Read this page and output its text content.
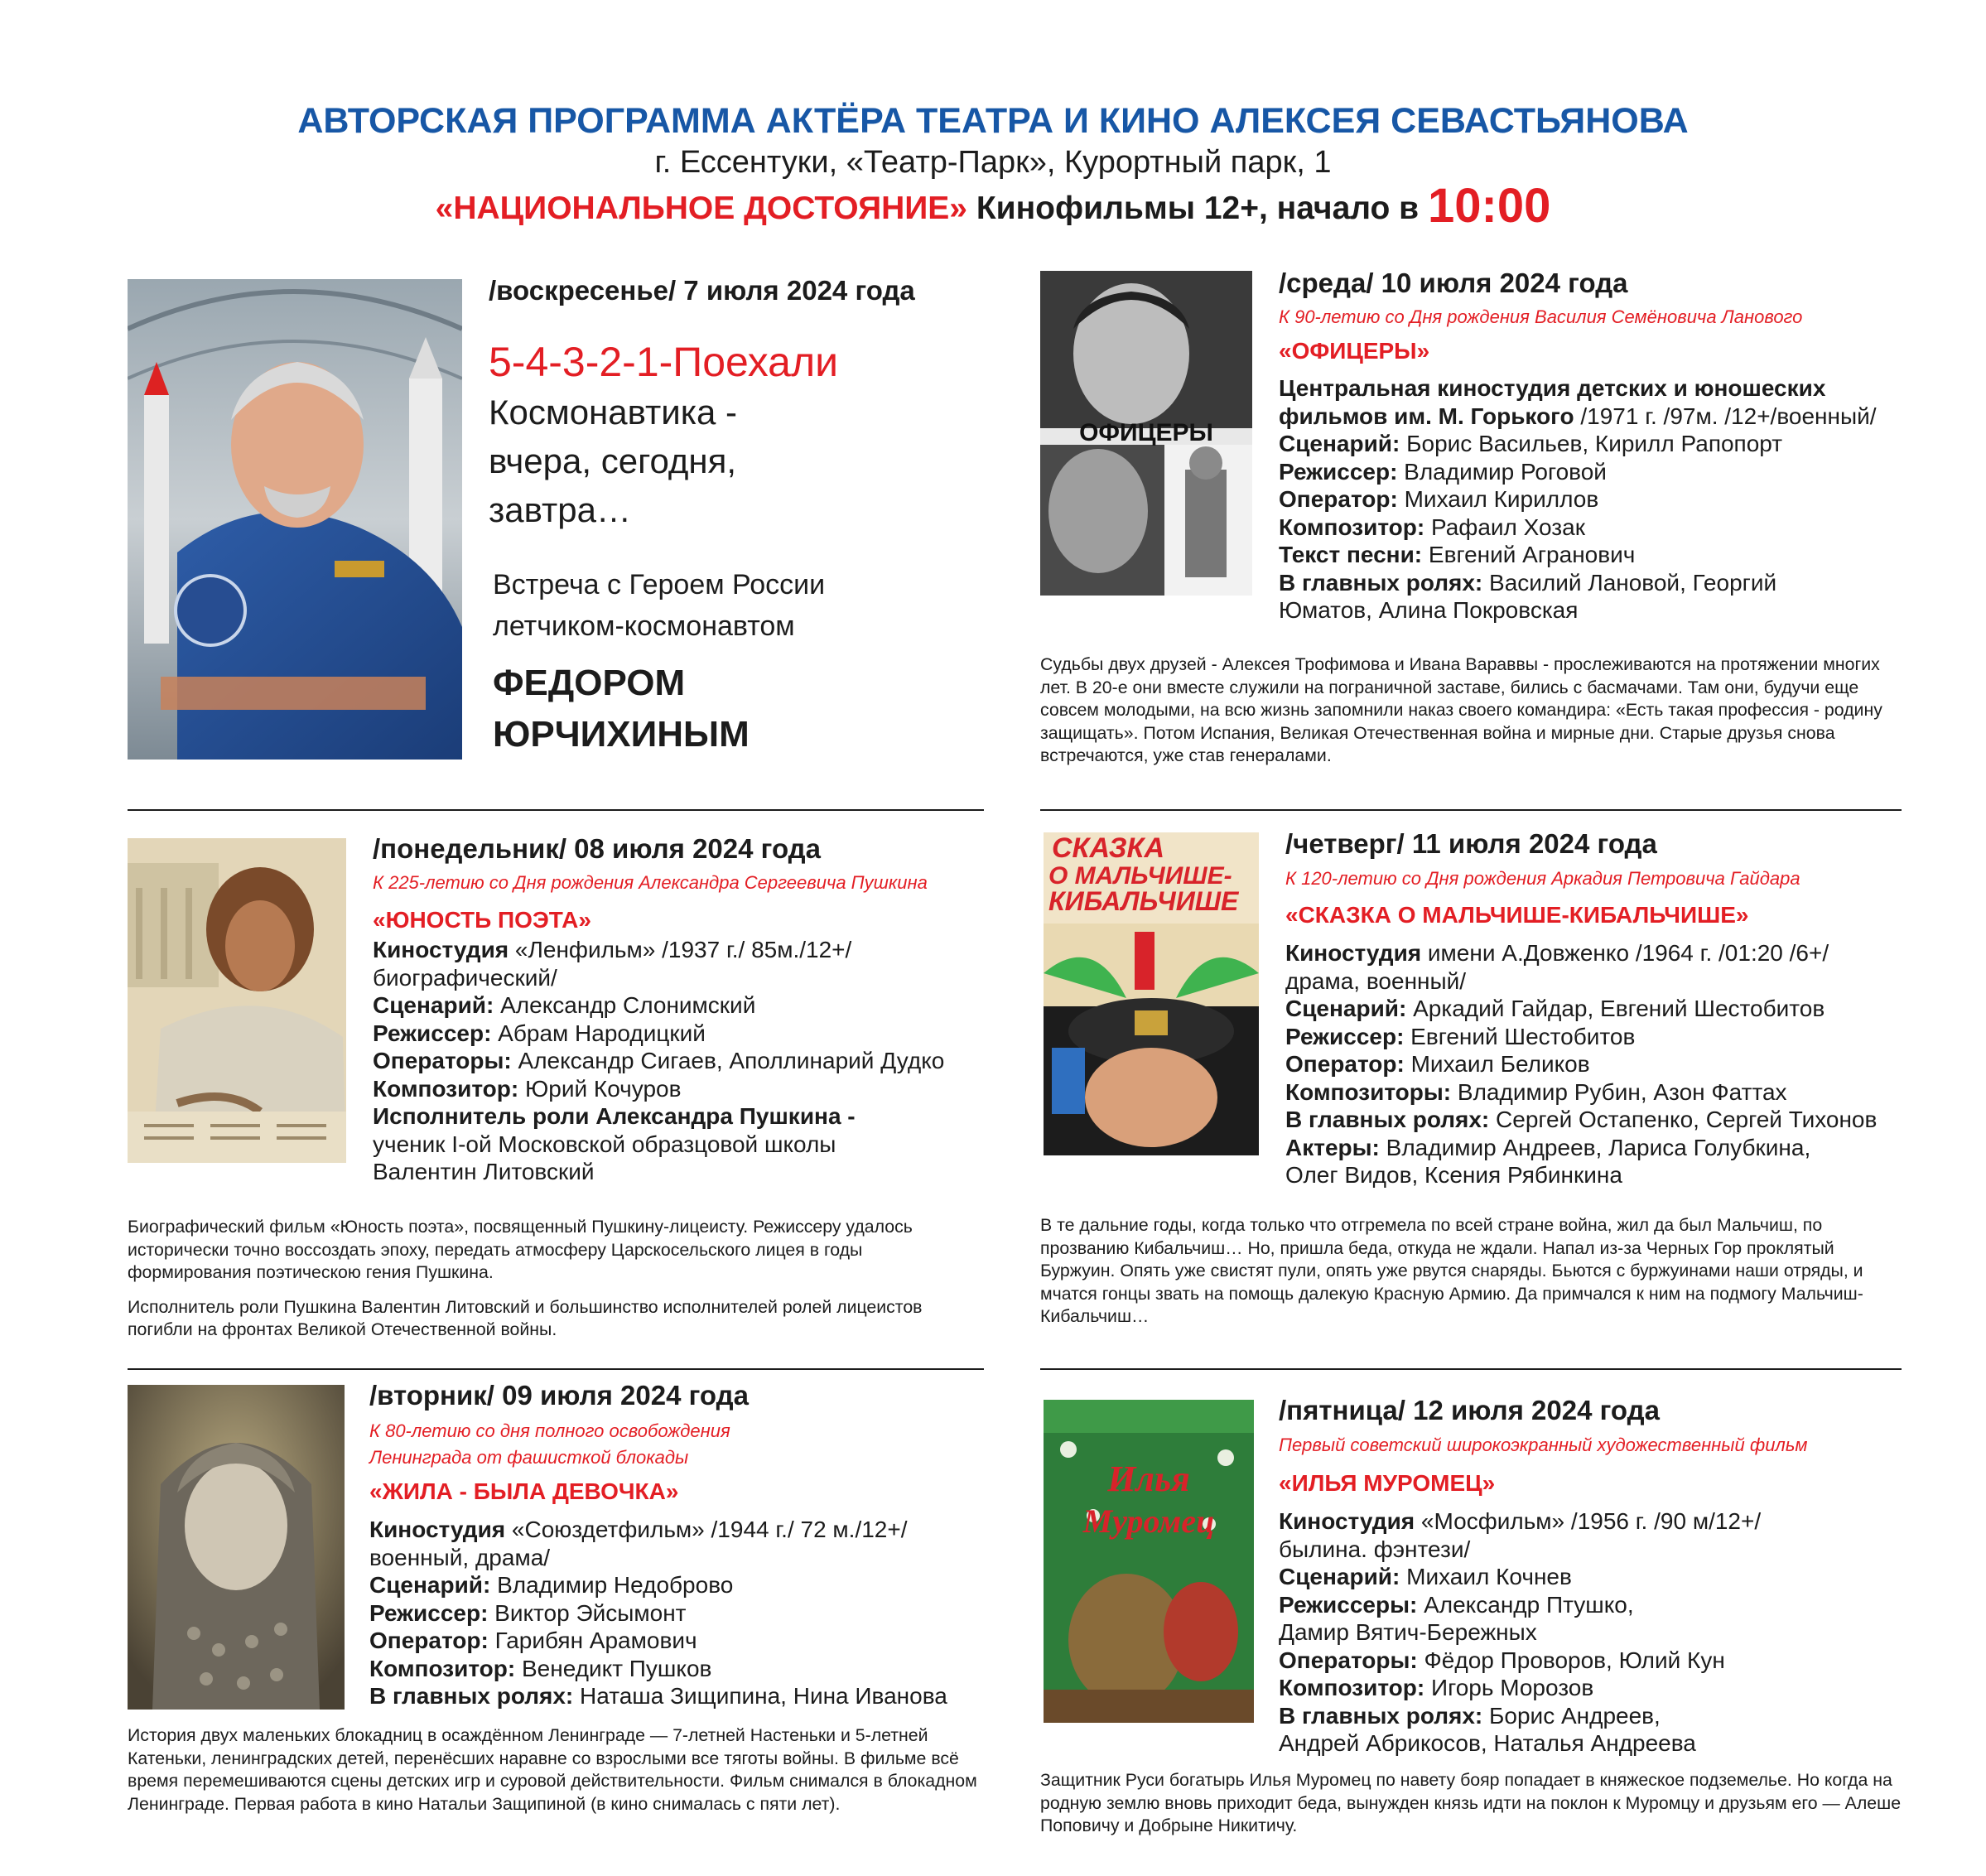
АВТОРСКАЯ ПРОГРАММА АКТЁРА ТЕАТРА И КИНО АЛЕКСЕЯ СЕВАСТЬЯНОВА
г. Ессентуки, «Театр-Парк», Курортный парк, 1
«НАЦИОНАЛЬНОЕ ДОСТОЯНИЕ» Кинофильмы 12+, начало в 10:00
/воскресенье/ 7 июля 2024 года
5-4-3-2-1-Поехали
Космонавтика -
вчера, сегодня,
завтра…
Встреча с Героем России
летчиком-космонавтом
ФЕДОРОМ
ЮРЧИХИНЫМ
ОФИЦЕРЫ
/среда/ 10 июля 2024 года
К 90-летию со Дня рождения Василия Семёновича Ланового
«ОФИЦЕРЫ»
Центральная киностудия детских и юношеских фильмов им. М. Горького /1971 г. /97м. /12+/военный/
Сценарий: Борис Васильев, Кирилл Рапопорт
Режиссер: Владимир Роговой
Оператор: Михаил Кириллов
Композитор: Рафаил Хозак
Текст песни: Евгений Агранович
В главных ролях: Василий Лановой, Георгий Юматов, Алина Покровская

Судьбы двух друзей - Алексея Трофимова и Ивана Вараввы - прослеживаются на протяжении многих лет. В 20-е они вместе служили на пограничной заставе, бились с басмачами. Там они, будучи еще совсем молодыми, на всю жизнь запомнили наказ своего командира: «Есть такая профессия - родину защищать». Потом Испания, Великая Отечественная война и мирные дни. Старые друзья снова встречаются, уже став генералами.

/понедельник/ 08 июля 2024 года
К 225-летию со Дня рождения Александра Сергеевича Пушкина
«ЮНОСТЬ ПОЭТА»
Киностудия «Ленфильм» /1937 г./ 85м./12+/ биографический/
Сценарий: Александр Слонимский
Режиссер: Абрам Народицкий
Операторы: Александр Сигаев, Аполлинарий Дудко
Композитор: Юрий Кочуров
Исполнитель роли Александра Пушкина -
ученик I-ой Московской образцовой школы Валентин Литовский

Биографический фильм «Юность поэта», посвященный Пушкину-лицеисту. Режиссеру удалось исторически точно воссоздать эпоху, передать атмосферу Царскосельского лицея в годы формирования поэтическою гения Пушкина.

Исполнитель роли Пушкина Валентин Литовский и большинство исполнителей ролей лицеистов погибли на фронтах Великой Отечественной войны.

СКАЗКА
О МАЛЬЧИШЕ-
КИБАЛЬЧИШЕ
/четверг/ 11 июля 2024 года
К 120-летию со Дня рождения Аркадия Петровича Гайдара
«СКАЗКА О МАЛЬЧИШЕ-КИБАЛЬЧИШЕ»
Киностудия имени А.Довженко /1964 г. /01:20 /6+/ драма, военный/
Сценарий: Аркадий Гайдар, Евгений Шестобитов
Режиссер: Евгений Шестобитов
Оператор: Михаил Беликов
Композиторы: Владимир Рубин, Азон Фаттах
В главных ролях: Сергей Остапенко, Сергей Тихонов
Актеры: Владимир Андреев, Лариса Голубкина, Олег Видов, Ксения Рябинкина

В те дальние годы, когда только что отгремела по всей стране война, жил да был Мальчиш, по прозванию Кибальчиш… Но, пришла беда, откуда не ждали. Напал из-за Черных Гор проклятый Буржуин. Опять уже свистят пули, опять уже рвутся снаряды. Бьются с буржуинами наши отряды, и мчатся гонцы звать на помощь далекую Красную Армию. Да примчался к ним на подмогу Мальчиш-Кибальчиш…

/вторник/ 09 июля 2024 года
К 80-летию со дня полного освобождения
Ленинграда от фашисткой блокады
«ЖИЛА - БЫЛА ДЕВОЧКА»
Киностудия «Союздетфильм» /1944 г./ 72 м./12+/ военный, драма/
Сценарий: Владимир Недоброво
Режиссер: Виктор Эйсымонт
Оператор: Гарибян Арамович
Композитор: Венедикт Пушков
В главных ролях: Наташа Зищипина, Нина Иванова

История двух маленьких блокадниц в осаждённом Ленинграде — 7-летней Настеньки и 5-летней Катеньки, ленинградских детей, перенёсших наравне со взрослыми все тяготы войны. В фильме всё время перемешиваются сцены детских игр и суровой действительности. Фильм снимался в блокадном Ленинграде. Первая работа в кино Натальи Защипиной (в кино снималась с пяти лет).

Илья
Муромец
/пятница/ 12 июля 2024 года
Первый советский широкоэкранный художественный фильм
«ИЛЬЯ МУРОМЕЦ»
Киностудия «Мосфильм» /1956 г. /90 м/12+/ былина. фэнтези/
Сценарий: Михаил Кочнев
Режиссеры: Александр Птушко, Дамир Вятич-Бережных
Операторы: Фёдор Проворов, Юлий Кун
Композитор: Игорь Морозов
В главных ролях: Борис Андреев, Андрей Абрикосов, Наталья Андреева

Защитник Руси богатырь Илья Муромец по навету бояр попадает в княжеское подземелье. Но когда на родную землю вновь приходит беда, вынужден князь идти на поклон к Муромцу и друзьям его — Алеше Поповичу и Добрыне Никитичу.
